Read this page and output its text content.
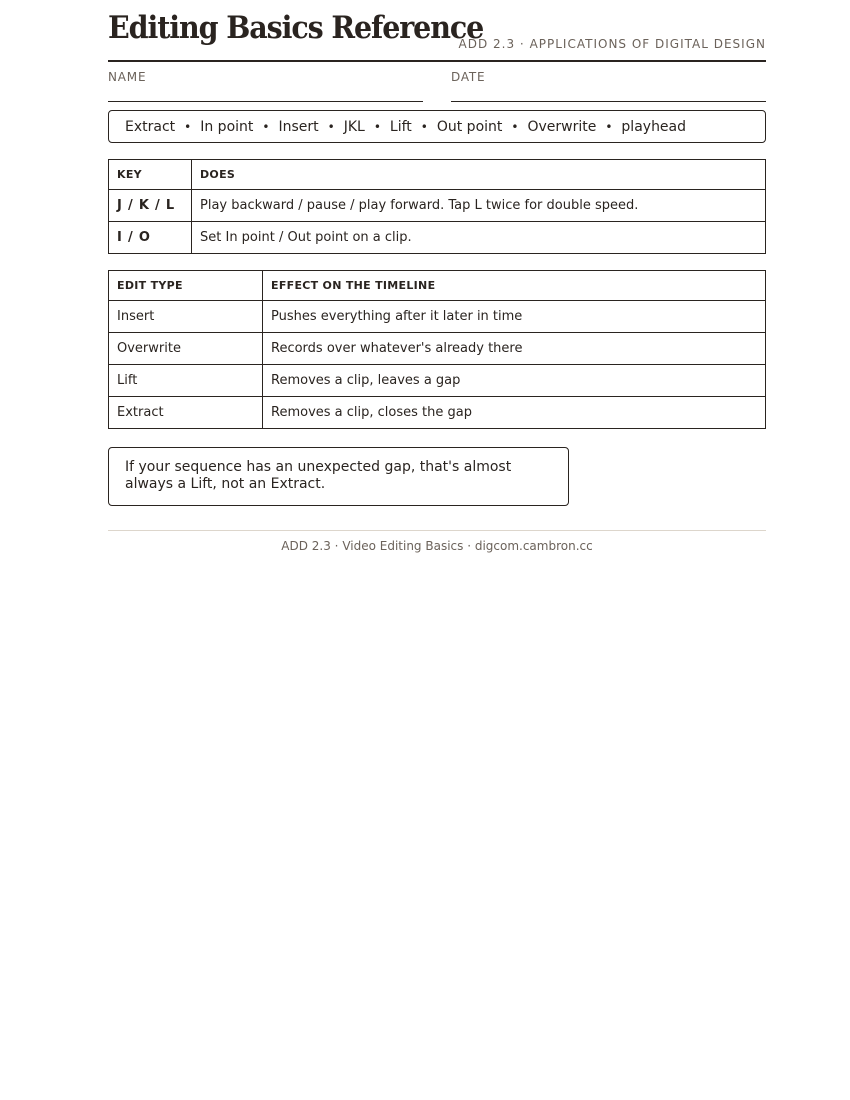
Editing Basics Reference
ADD 2.3 · APPLICATIONS OF DIGITAL DESIGN
NAME	DATE
Extract • In point • Insert • JKL • Lift • Out point • Overwrite • playhead
KEY	DOES
J / K / L	Play backward / pause / play forward. Tap L twice for double speed.
I / O	Set In point / Out point on a clip.
EDIT TYPE	EFFECT ON THE TIMELINE
Insert	Pushes everything after it later in time
Overwrite	Records over whatever's already there
Lift	Removes a clip, leaves a gap
Extract	Removes a clip, closes the gap
If your sequence has an unexpected gap, that's almost always a Lift, not an Extract.
ADD 2.3 · Video Editing Basics · digcom.cambron.cc
